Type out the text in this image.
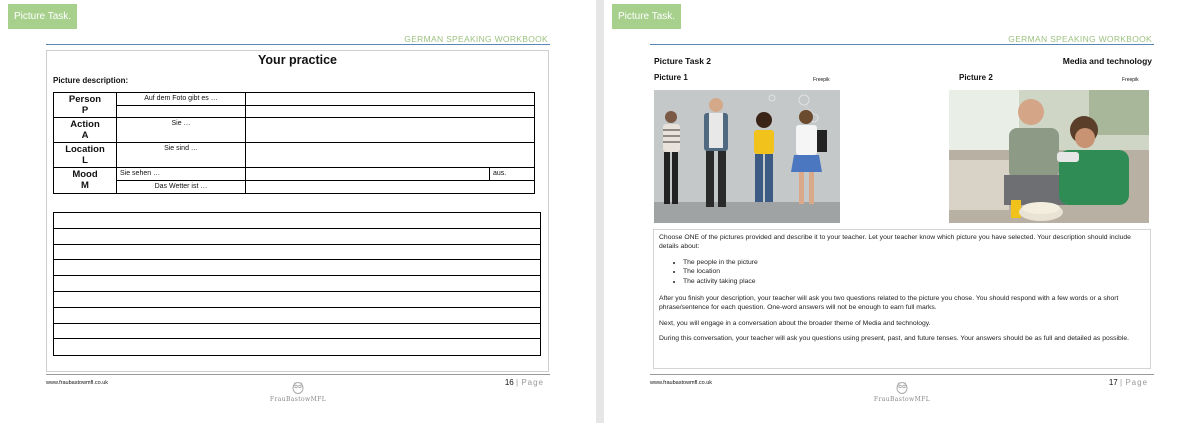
Picture Task.
GERMAN SPEAKING WORKBOOK
Your practice
Picture description:
Person
P	Auf dem Foto gibt es …		

Action
A	Sie …		

Location
L	Sie sind …		

Mood
M	Sie sehen …		aus.
	Das Wetter ist …		
www.fraubastowmfl.co.uk	16 | Page
FrauBastowMFL
Picture Task.
GERMAN SPEAKING WORKBOOK
Picture Task 2	Media and technology
Picture 1	Picture 2
Freepik	Freepik

Choose ONE of the pictures provided and describe it to your teacher. Let your teacher know which picture you have selected. Your description should include details about:

• The people in the picture
• The location
• The activity taking place

After you finish your description, your teacher will ask you two questions related to the picture you chose. You should respond with a few words or a short phrase/sentence for each question. One-word answers will not be enough to earn full marks.

Next, you will engage in a conversation about the broader theme of Media and technology.

During this conversation, your teacher will ask you questions using present, past, and future tenses. Your answers should be as full and detailed as possible.

www.fraubastowmfl.co.uk	17 | Page
FrauBastowMFL
